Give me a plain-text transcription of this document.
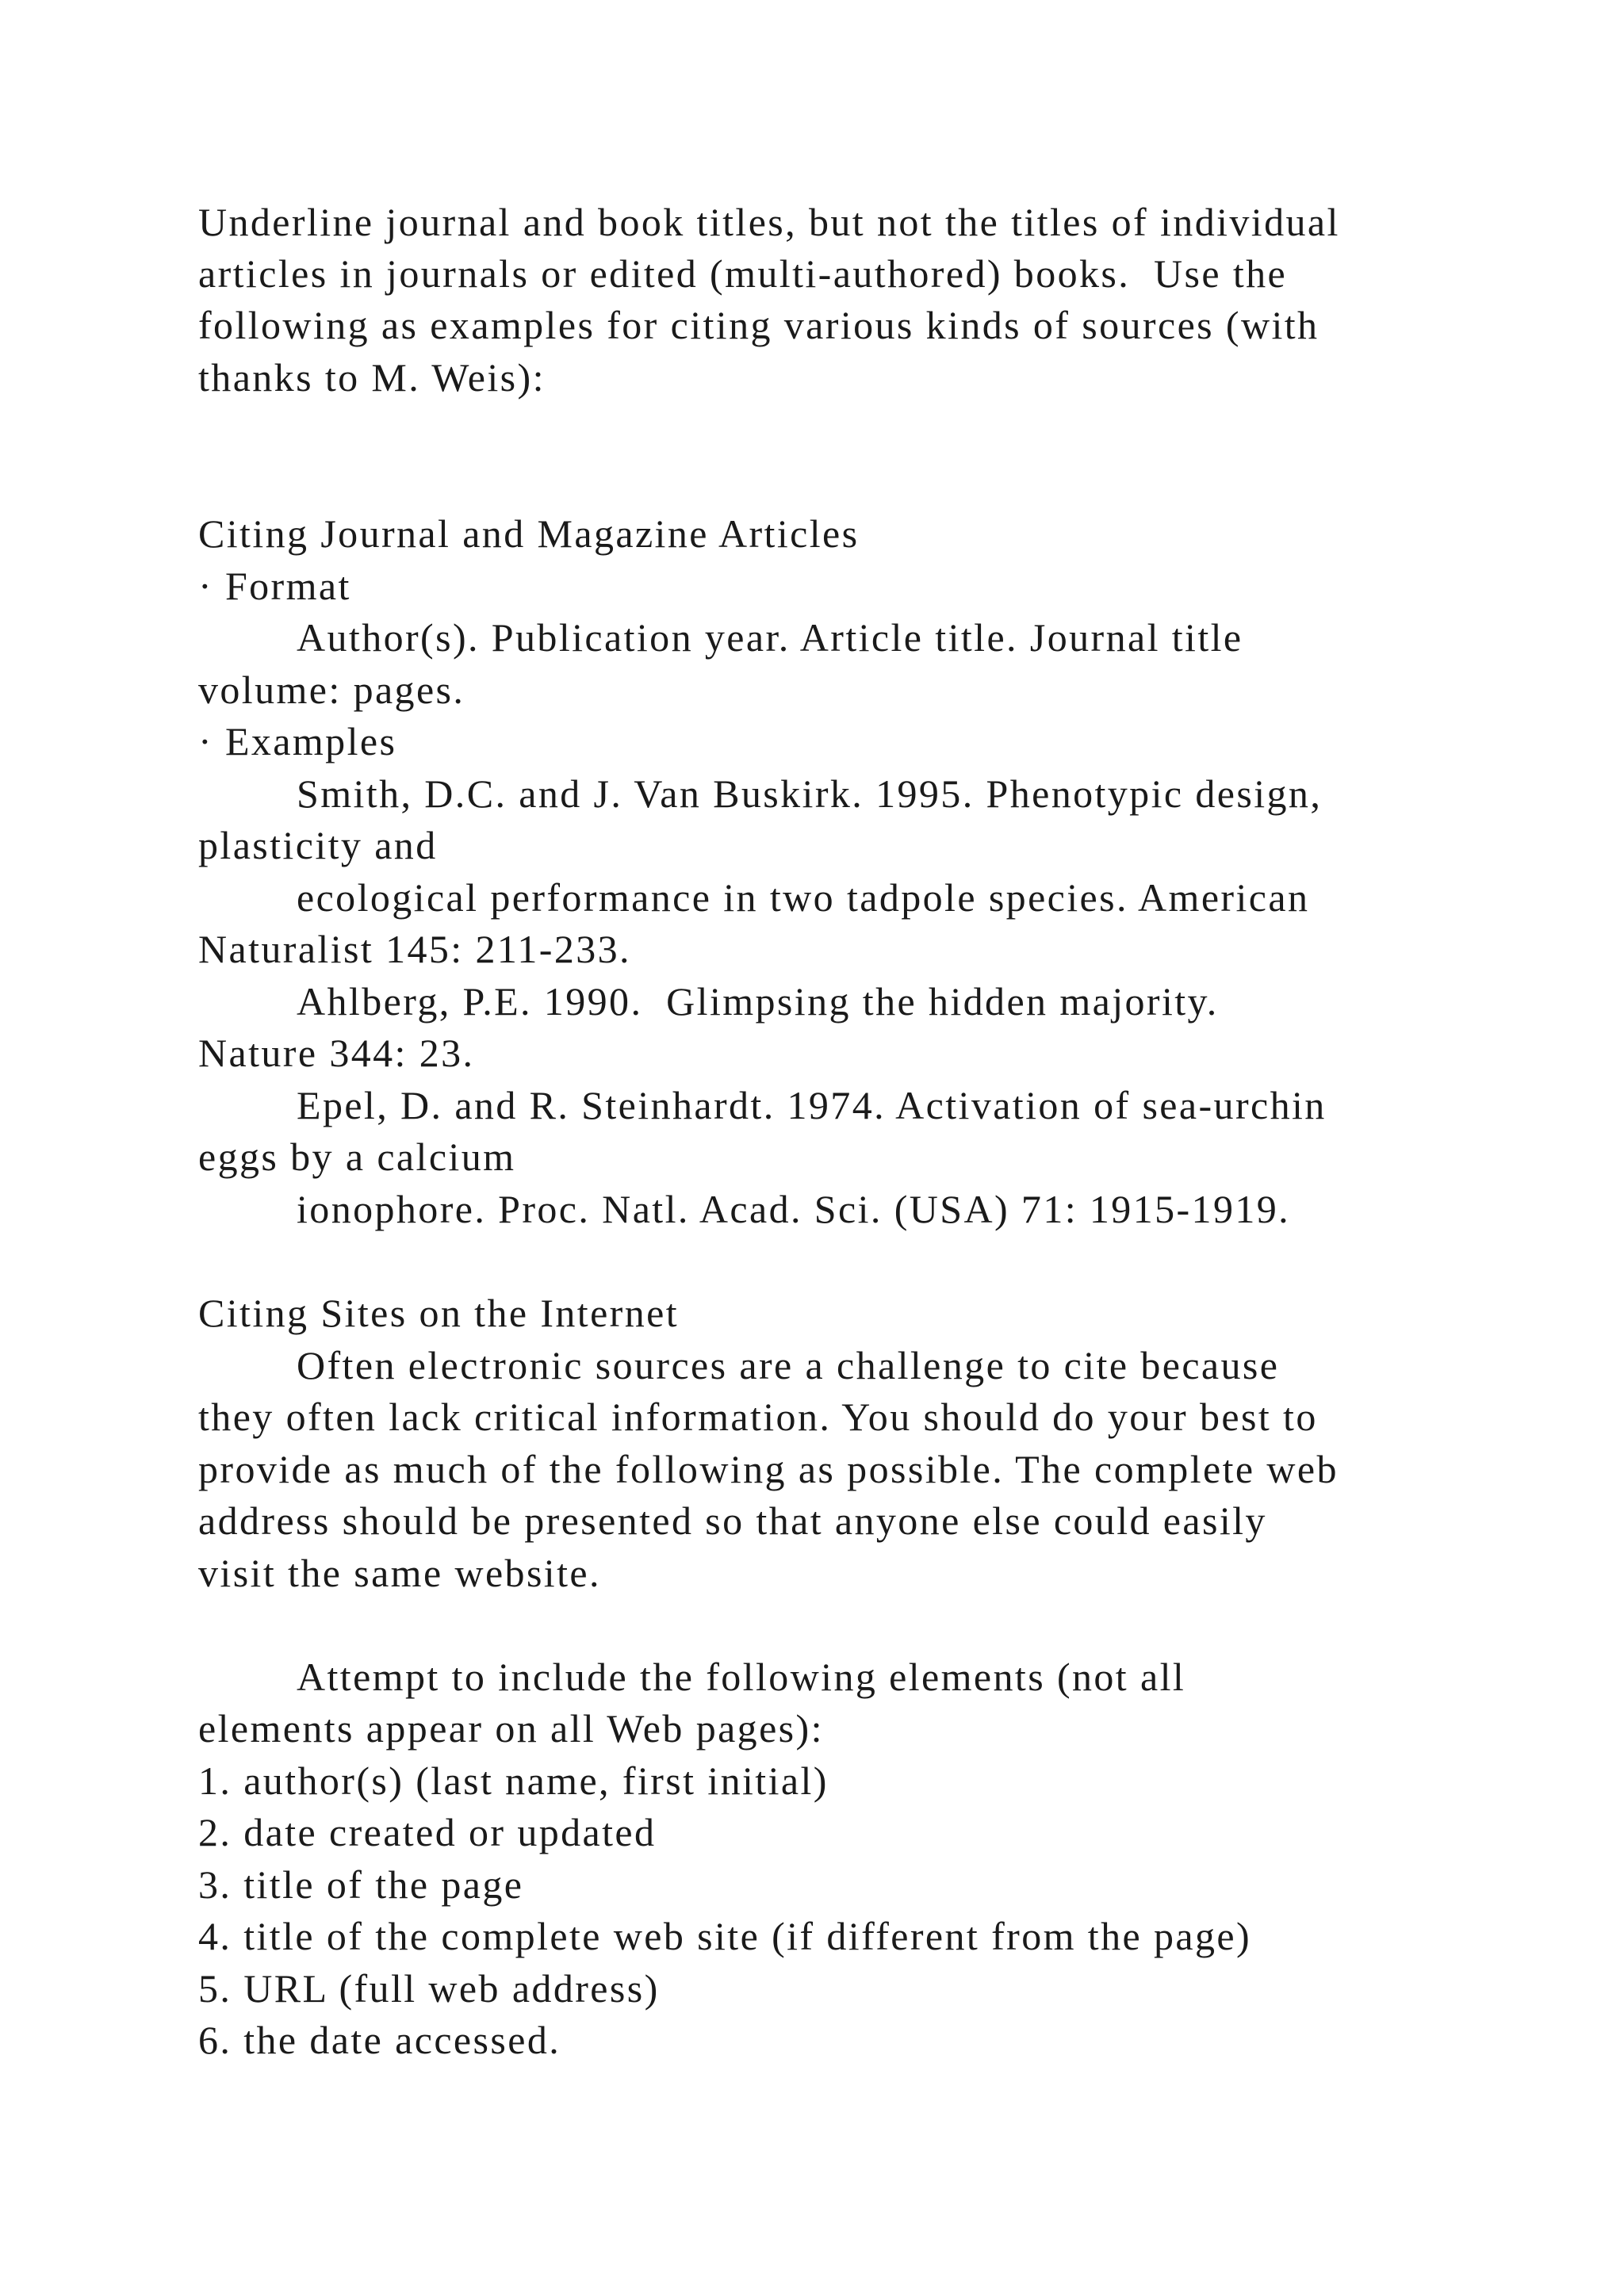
Underline journal and book titles, but not the titles of individual
articles in journals or edited (multi-authored) books.  Use the
following as examples for citing various kinds of sources (with
thanks to M. Weis):
Citing Journal and Magazine Articles
· Format
Author(s). Publication year. Article title. Journal title
volume: pages.
· Examples
Smith, D.C. and J. Van Buskirk. 1995. Phenotypic design,
plasticity and
ecological performance in two tadpole species. American
Naturalist 145: 211-233.
Ahlberg, P.E. 1990.  Glimpsing the hidden majority.
Nature 344: 23.
Epel, D. and R. Steinhardt. 1974. Activation of sea-urchin
eggs by a calcium
ionophore. Proc. Natl. Acad. Sci. (USA) 71: 1915-1919.
Citing Sites on the Internet
Often electronic sources are a challenge to cite because
they often lack critical information. You should do your best to
provide as much of the following as possible. The complete web
address should be presented so that anyone else could easily
visit the same website.
Attempt to include the following elements (not all
elements appear on all Web pages):
1. author(s) (last name, first initial)
2. date created or updated
3. title of the page
4. title of the complete web site (if different from the page)
5. URL (full web address)
6. the date accessed.
